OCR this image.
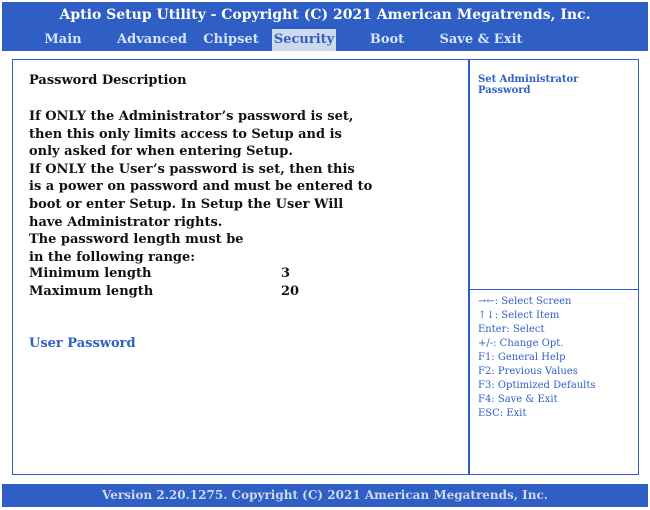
Aptio Setup Utility - Copyright (C) 2021 American Megatrends, Inc.
Main	Advanced	Chipset Security	Boot	Save & Exit
Password Description
If ONLY the Administrator’s password is set,
then this only limits access to Setup and is
only asked for when entering Setup.
If ONLY the User’s password is set, then this
is a power on password and must be entered to
boot or enter Setup. In Setup the User Will
have Administrator rights.
The password length must be
in the following range:
Minimum length	3
Maximum length	20
Administrator Password
User Password
Set Administrator Password
→←: Select Screen
↑↓: Select Item
Enter: Select
+/-: Change Opt.
F1: General Help
F2: Previous Values
F3: Optimized Defaults
F4: Save & Exit
ESC: Exit
Version 2.20.1275. Copyright (C) 2021 American Megatrends, Inc.
